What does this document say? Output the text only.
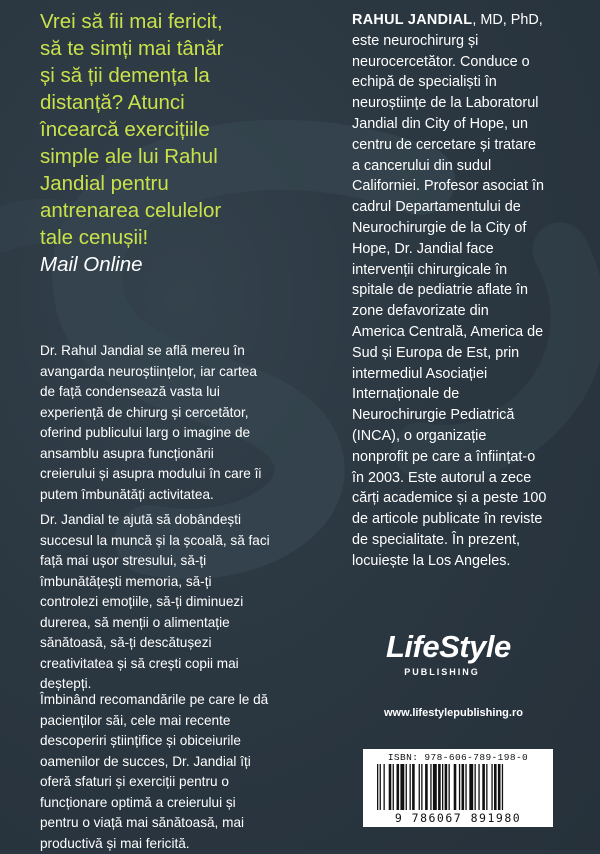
Vrei să fii mai fericit,
să te simți mai tânăr
și să ții demența la
distanță? Atunci
încearcă exercițiile
simple ale lui Rahul
Jandial pentru
antrenarea celulelor
tale cenușii!

Mail Online

Dr. Rahul Jandial se află mereu în
avangarda neuroștiințelor, iar cartea
de față condensează vasta lui
experiență de chirurg și cercetător,
oferind publicului larg o imagine de
ansamblu asupra funcționării
creierului și asupra modului în care îi
putem îmbunătăți activitatea.

Dr. Jandial te ajută să dobândești
succesul la muncă și la școală, să faci
față mai ușor stresului, să-ți
îmbunătățești memoria, să-ți
controlezi emoțiile, să-ți diminuezi
durerea, să menții o alimentație
sănătoasă, să-ți descătușezi
creativitatea și să crești copii mai
deștepți.

Îmbinând recomandările pe care le dă
pacienților săi, cele mai recente
descoperiri științifice și obiceiurile
oamenilor de succes, Dr. Jandial îți
oferă sfaturi și exerciții pentru o
funcționare optimă a creierului și
pentru o viață mai sănătoasă, mai
productivă și mai fericită.

RAHUL JANDIAL, MD, PhD,
este neurochirurg și
neurocercetător. Conduce o
echipă de specialiști în
neuroștiințe de la Laboratorul
Jandial din City of Hope, un
centru de cercetare și tratare
a cancerului din sudul
Californiei. Profesor asociat în
cadrul Departamentului de
Neurochirurgie de la City of
Hope, Dr. Jandial face
intervenții chirurgicale în
spitale de pediatrie aflate în
zone defavorizate din
America Centrală, America de
Sud și Europa de Est, prin
intermediul Asociației
Internaționale de
Neurochirurgie Pediatrică
(INCA), o organizație
nonprofit pe care a înființat-o
în 2003. Este autorul a zece
cărți academice și a peste 100
de articole publicate în reviste
de specialitate. În prezent,
locuiește la Los Angeles.
LifeStyle
PUBLISHING
www.lifestylepublishing.ro
ISBN: 978-606-789-198-0
9 786067 891980
